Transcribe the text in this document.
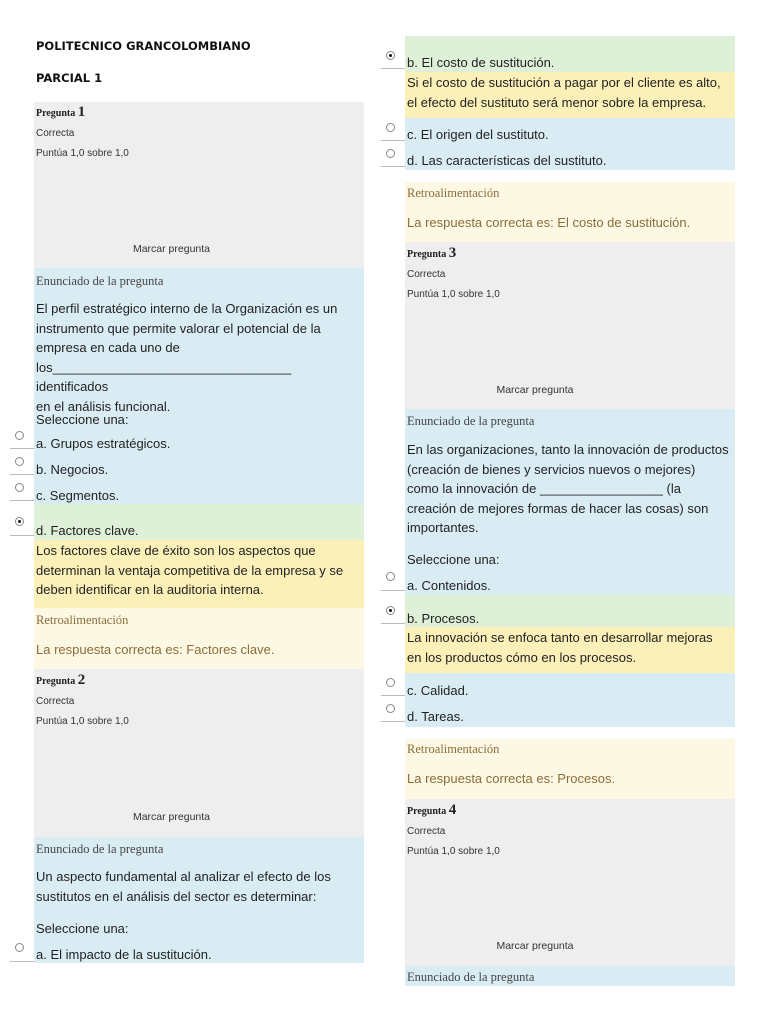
POLITECNICO GRANCOLOMBIANO
PARCIAL 1
Pregunta 1
Correcta
Puntúa 1,0 sobre 1,0
Marcar pregunta
Enunciado de la pregunta
El perfil estratégico interno de la Organización es un
instrumento que permite valorar el potencial de la
empresa en cada uno de
los_________________________________ identificados
en el análisis funcional.
Seleccione una:
a. Grupos estratégicos.
b. Negocios.
c. Segmentos.
d. Factores clave.
Los factores clave de éxito son los aspectos que
determinan la ventaja competitiva de la empresa y se
deben identificar en la auditoria interna.
Retroalimentación
La respuesta correcta es: Factores clave.
Pregunta 2
Correcta
Puntúa 1,0 sobre 1,0
Marcar pregunta
Enunciado de la pregunta
Un aspecto fundamental al analizar el efecto de los
sustitutos en el análisis del sector es determinar:
Seleccione una:
a. El impacto de la sustitución.
b. El costo de sustitución.
Si el costo de sustitución a pagar por el cliente es alto,
el efecto del sustituto será menor sobre la empresa.
c. El origen del sustituto.
d. Las características del sustituto.
Retroalimentación
La respuesta correcta es: El costo de sustitución.
Pregunta 3
Correcta
Puntúa 1,0 sobre 1,0
Marcar pregunta
Enunciado de la pregunta
En las organizaciones, tanto la innovación de productos
(creación de bienes y servicios nuevos o mejores)
como la innovación de _________________ (la
creación de mejores formas de hacer las cosas) son
importantes.
Seleccione una:
a. Contenidos.
b. Procesos.
La innovación se enfoca tanto en desarrollar mejoras
en los productos cómo en los procesos.
c. Calidad.
d. Tareas.
Retroalimentación
La respuesta correcta es: Procesos.
Pregunta 4
Correcta
Puntúa 1,0 sobre 1,0
Marcar pregunta
Enunciado de la pregunta
